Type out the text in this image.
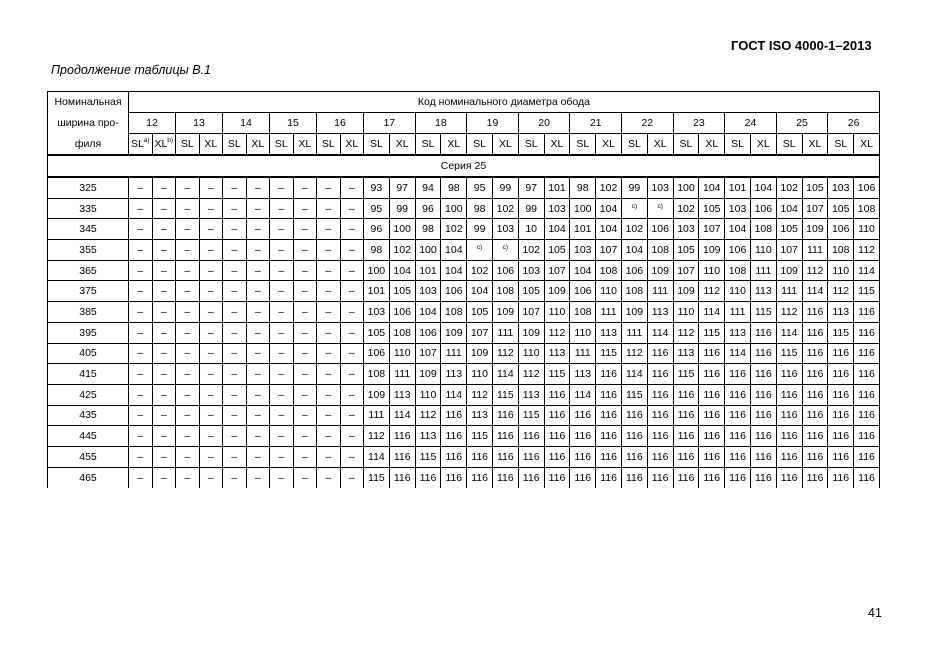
ГОСТ ISO 4000-1–2013
Продолжение таблицы В.1
Номинальная	Код номинального диаметра обода																													
ширина про-	12		13		14		15		16		17		18		19		20		21		22		23		24		25		26	
филя	SL$^{a)}$	XL$^{b)}$	SL	XL	SL	XL	SL	XL	SL	XL	SL	XL	SL	XL	SL	XL	SL	XL	SL	XL	SL	XL	SL	XL	SL	XL	SL	XL	SL	XL
Серия 25																														
325	–	–	–	–	–	–	–	–	–	–	93	97	94	98	95	99	97	101	98	102	99	103	100	104	101	104	102	105	103	106
335	–	–	–	–	–	–	–	–	–	–	95	99	96	100	98	102	99	103	100	104	$^{c)}$	$^{c)}$	102	105	103	106	104	107	105	108
345	–	–	–	–	–	–	–	–	–	–	96	100	98	102	99	103	10	104	101	104	102	106	103	107	104	108	105	109	106	110
355	–	–	–	–	–	–	–	–	–	–	98	102	100	104	$^{c)}$	$^{c)}$	102	105	103	107	104	108	105	109	106	110	107	111	108	112
365	–	–	–	–	–	–	–	–	–	–	100	104	101	104	102	106	103	107	104	108	106	109	107	110	108	111	109	112	110	114
375	–	–	–	–	–	–	–	–	–	–	101	105	103	106	104	108	105	109	106	110	108	111	109	112	110	113	111	114	112	115
385	–	–	–	–	–	–	–	–	–	–	103	106	104	108	105	109	107	110	108	111	109	113	110	114	111	115	112	116	113	116
395	–	–	–	–	–	–	–	–	–	–	105	108	106	109	107	111	109	112	110	113	111	114	112	115	113	116	114	116	115	116
405	–	–	–	–	–	–	–	–	–	–	106	110	107	111	109	112	110	113	111	115	112	116	113	116	114	116	115	116	116	116
415	–	–	–	–	–	–	–	–	–	–	108	111	109	113	110	114	112	115	113	116	114	116	115	116	116	116	116	116	116	116
425	–	–	–	–	–	–	–	–	–	–	109	113	110	114	112	115	113	116	114	116	115	116	116	116	116	116	116	116	116	116
435	–	–	–	–	–	–	–	–	–	–	111	114	112	116	113	116	115	116	116	116	116	116	116	116	116	116	116	116	116	116
445	–	–	–	–	–	–	–	–	–	–	112	116	113	116	115	116	116	116	116	116	116	116	116	116	116	116	116	116	116	116
455	–	–	–	–	–	–	–	–	–	–	114	116	115	116	116	116	116	116	116	116	116	116	116	116	116	116	116	116	116	116
465	–	–	–	–	–	–	–	–	–	–	115	116	116	116	116	116	116	116	116	116	116	116	116	116	116	116	116	116	116	116
41
